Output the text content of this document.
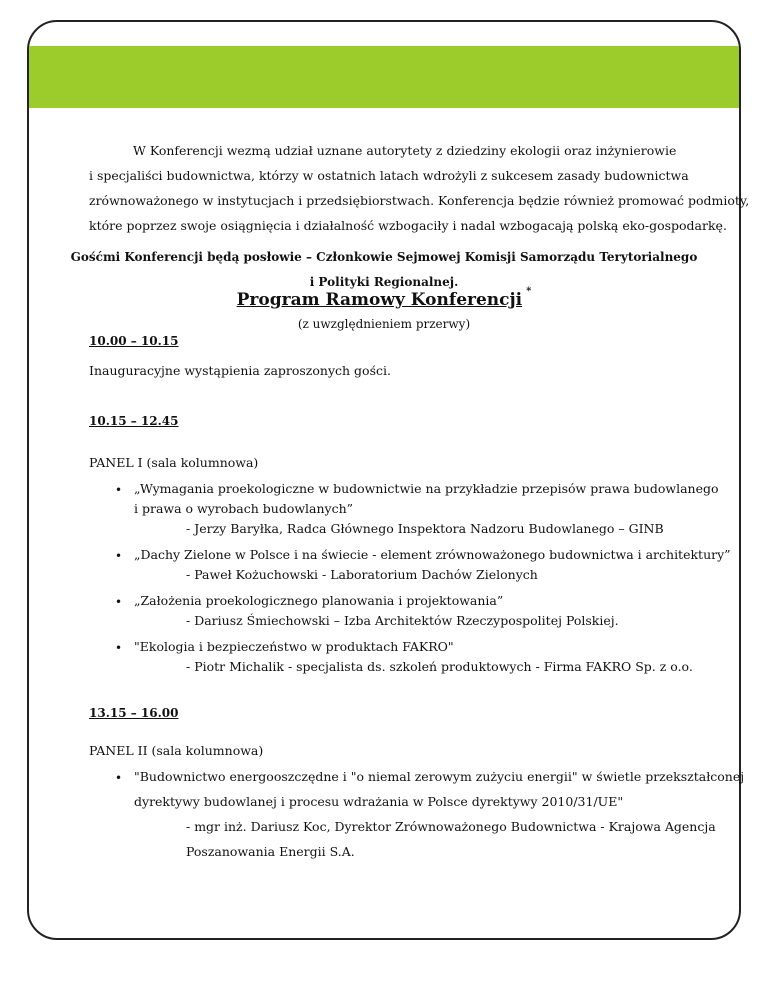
W Konferencji wezmą udział uznane autorytety z dziedziny ekologii oraz inżynierowie
i specjaliści budownictwa, którzy w ostatnich latach wdrożyli z sukcesem zasady budownictwa
zrównoważonego w instytucjach i przedsiębiorstwach. Konferencja będzie również promować podmioty,
które poprzez swoje osiągnięcia i działalność wzbogaciły i nadal wzbogacają polską eko-gospodarkę.
Gośćmi Konferencji będą posłowie – Członkowie Sejmowej Komisji Samorządu Terytorialnego
i Polityki Regionalnej.
Program Ramowy Konferencji *
(z uwzględnieniem przerwy)
10.00 – 10.15
Inauguracyjne wystąpienia zaproszonych gości.
10.15 – 12.45
PANEL I (sala kolumnowa)
• „Wymagania proekologiczne w budownictwie na przykładzie przepisów prawa budowlanego
i prawa o wyrobach budowlanych”
- Jerzy Baryłka, Radca Głównego Inspektora Nadzoru Budowlanego – GINB
• „Dachy Zielone w Polsce i na świecie - element zrównoważonego budownictwa i architektury”
- Paweł Kożuchowski - Laboratorium Dachów Zielonych
• „Założenia proekologicznego planowania i projektowania”
- Dariusz Śmiechowski – Izba Architektów Rzeczypospolitej Polskiej.
• "Ekologia i bezpieczeństwo w produktach FAKRO"
- Piotr Michalik - specjalista ds. szkoleń produktowych - Firma FAKRO Sp. z o.o.
13.15 – 16.00
PANEL II (sala kolumnowa)
• "Budownictwo energooszczędne i "o niemal zerowym zużyciu energii" w świetle przekształconej
dyrektywy budowlanej i procesu wdrażania w Polsce dyrektywy 2010/31/UE"
- mgr inż. Dariusz Koc, Dyrektor Zrównoważonego Budownictwa - Krajowa Agencja
Poszanowania Energii S.A.
